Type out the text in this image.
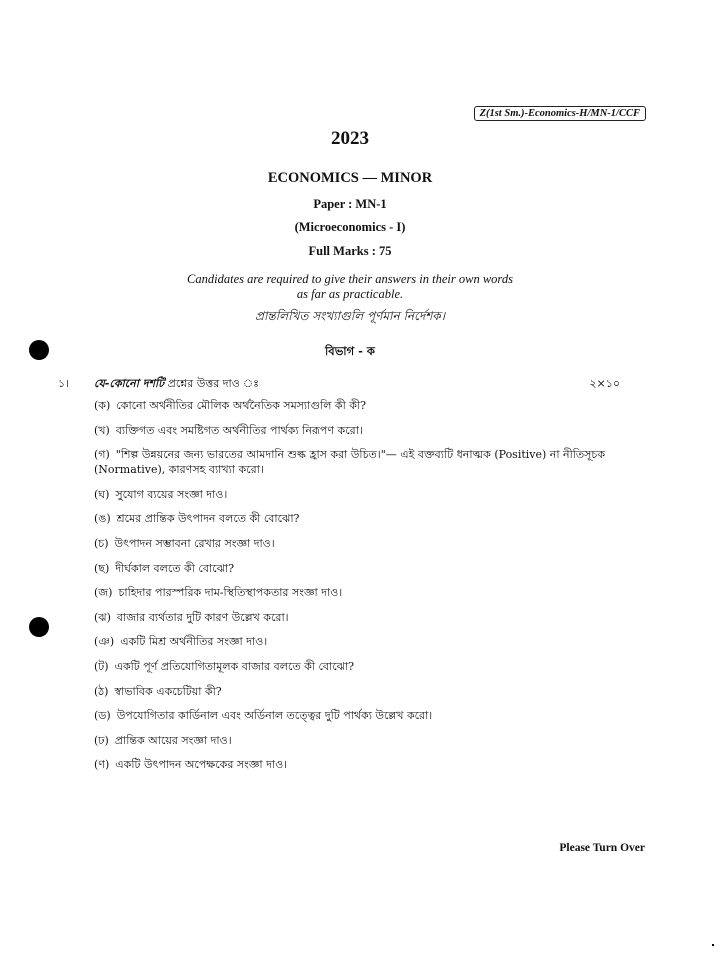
Z(1st Sm.)-Economics-H/MN-1/CCF
2023
ECONOMICS — MINOR
Paper : MN-1
(Microeconomics - I)
Full Marks : 75
Candidates are required to give their answers in their own words
as far as practicable.
প্রান্তলিখিত সংখ্যাগুলি পূর্ণমান নির্দেশক।
বিভাগ - ক
১। যে-কোনো দশটি প্রশ্নের উত্তর দাও ঃ	২×১০
(ক) কোনো অর্থনীতির মৌলিক অর্থনৈতিক সমস্যাগুলি কী কী?
(খ) ব্যক্তিগত এবং সমষ্টিগত অর্থনীতির পার্থক্য নিরূপণ করো।
(গ) "শিল্প উন্নয়নের জন্য ভারতের আমদানি শুল্ক হ্রাস করা উচিত।"— এই বক্তব্যটি ধনাত্মক (Positive) না নীতিসূচক (Normative), কারণসহ ব্যাখ্যা করো।
(ঘ) সুযোগ ব্যয়ের সংজ্ঞা দাও।
(ঙ) শ্রমের প্রান্তিক উৎপাদন বলতে কী বোঝো?
(চ) উৎপাদন সম্ভাবনা রেখার সংজ্ঞা দাও।
(ছ) দীর্ঘকাল বলতে কী বোঝো?
(জ) চাহিদার পারস্পরিক দাম-স্থিতিস্থাপকতার সংজ্ঞা দাও।
(ঝ) বাজার ব্যর্থতার দুটি কারণ উল্লেখ করো।
(ঞ) একটি মিশ্র অর্থনীতির সংজ্ঞা দাও।
(ট) একটি পূর্ণ প্রতিযোগিতামূলক বাজার বলতে কী বোঝো?
(ঠ) স্বাভাবিক একচেটিয়া কী?
(ড) উপযোগিতার কার্ডিনাল এবং অর্ডিনাল তত্ত্বের দুটি পার্থক্য উল্লেখ করো।
(ঢ) প্রান্তিক আয়ের সংজ্ঞা দাও।
(ণ) একটি উৎপাদন অপেক্ষকের সংজ্ঞা দাও।
Please Turn Over
